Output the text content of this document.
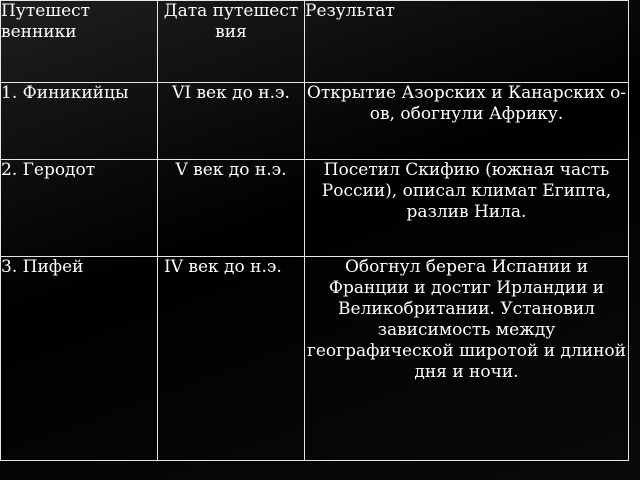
Путешест венники	Дата путешест вия	Результат
1. Финикийцы	VI век до н.э.	Открытие Азорских и Канарских о-ов, обогнули Африку.
2. Геродот	V век до н.э.	Посетил Скифию (южная часть России), описал климат Египта, разлив Нила.
3. Пифей	IV век до н.э.	Обогнул берега Испании и Франции и достиг Ирландии и Великобритании. Установил зависимость между географической широтой и длиной дня и ночи.
